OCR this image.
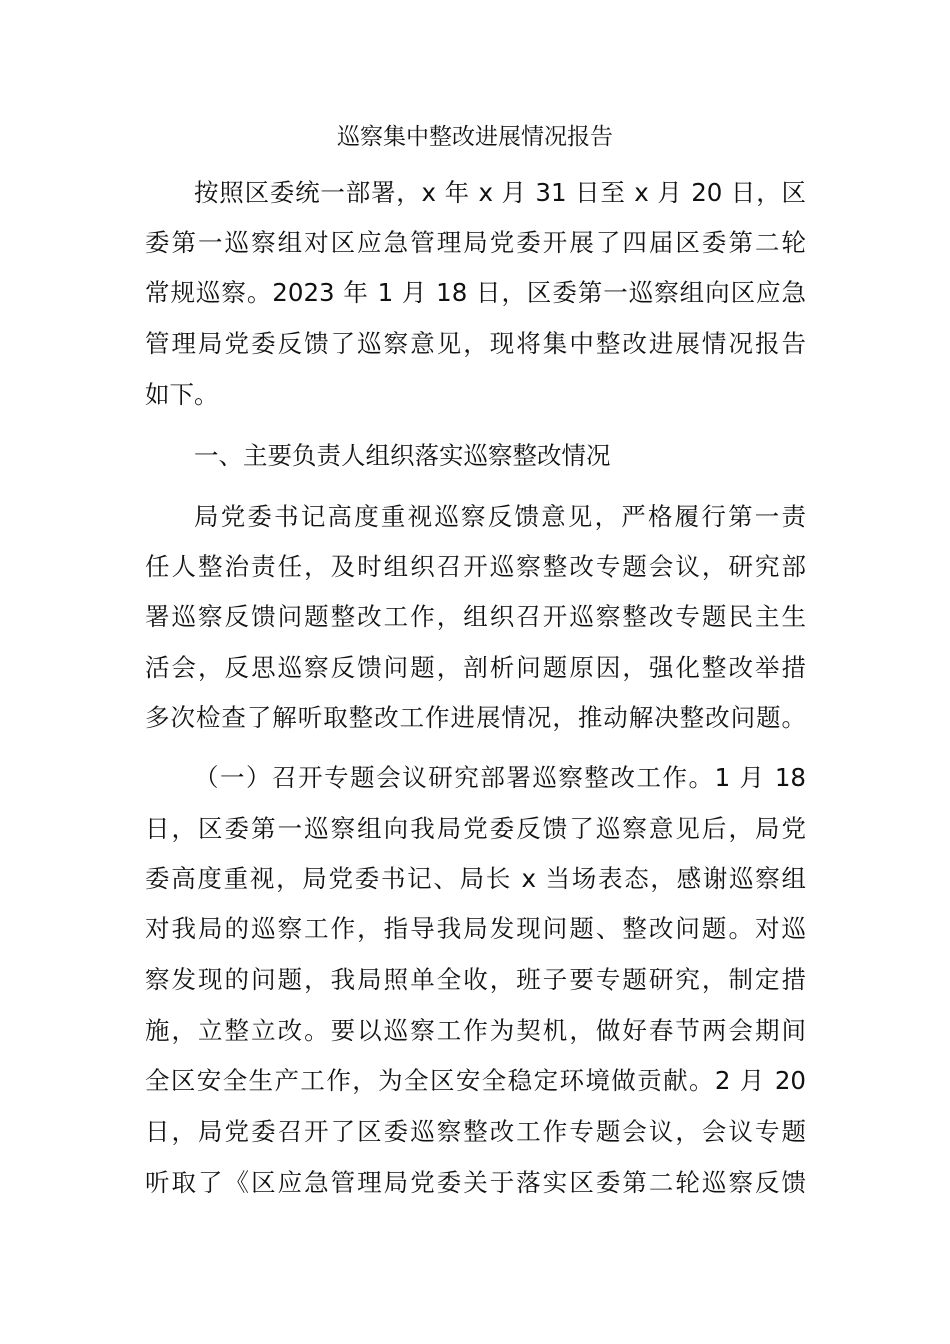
巡察集中整改进展情况报告
按照区委统一部署，x 年 x 月 31 日至 x 月 20 日，区
委第一巡察组对区应急管理局党委开展了四届区委第二轮
常规巡察。2023 年 1 月 18 日，区委第一巡察组向区应急
管理局党委反馈了巡察意见，现将集中整改进展情况报告
如下。
一、主要负责人组织落实巡察整改情况
局党委书记高度重视巡察反馈意见，严格履行第一责
任人整治责任，及时组织召开巡察整改专题会议，研究部
署巡察反馈问题整改工作，组织召开巡察整改专题民主生
活会，反思巡察反馈问题，剖析问题原因，强化整改举措
多次检查了解听取整改工作进展情况，推动解决整改问题。
（一）召开专题会议研究部署巡察整改工作。1 月 18
日，区委第一巡察组向我局党委反馈了巡察意见后，局党
委高度重视，局党委书记、局长 x 当场表态，感谢巡察组
对我局的巡察工作，指导我局发现问题、整改问题。对巡
察发现的问题，我局照单全收，班子要专题研究，制定措
施，立整立改。要以巡察工作为契机，做好春节两会期间
全区安全生产工作，为全区安全稳定环境做贡献。2 月 20
日，局党委召开了区委巡察整改工作专题会议，会议专题
听取了《区应急管理局党委关于落实区委第二轮巡察反馈
